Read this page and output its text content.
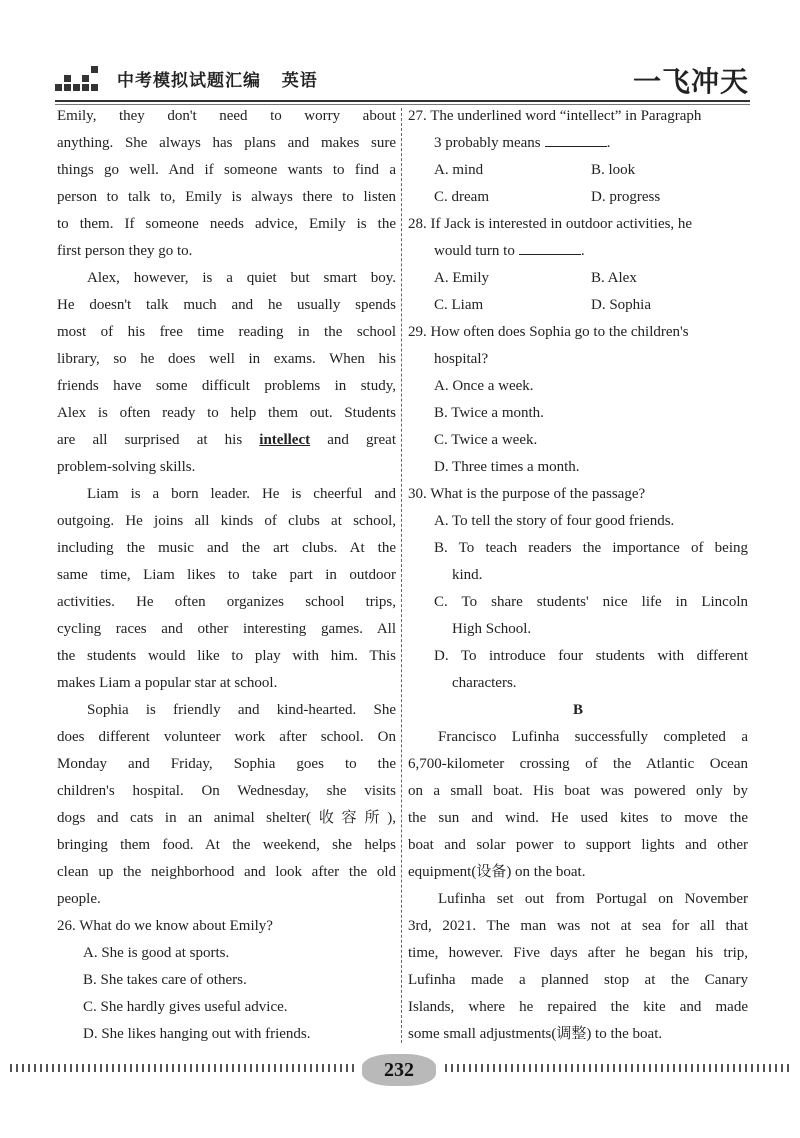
中考模拟试题汇编   英语	一飞冲天

Emily, they don't need to worry about

anything. She always has plans and makes sure

things go well. And if someone wants to find a

person to talk to, Emily is always there to listen

to them. If someone needs advice, Emily is the

first person they go to.

Alex, however, is a quiet but smart boy.

He doesn't talk much and he usually spends

most of his free time reading in the school

library, so he does well in exams. When his

friends have some difficult problems in study,

Alex is often ready to help them out. Students

are all surprised at his intellect and great

problem-solving skills.

Liam is a born leader. He is cheerful and

outgoing. He joins all kinds of clubs at school,

including the music and the art clubs. At the

same time, Liam likes to take part in outdoor

activities. He often organizes school trips,

cycling races and other interesting games. All

the students would like to play with him. This

makes Liam a popular star at school.

Sophia is friendly and kind-hearted. She

does different volunteer work after school. On

Monday and Friday, Sophia goes to the

children's hospital. On Wednesday, she visits

dogs and cats in an animal shelter(收容所),

bringing them food. At the weekend, she helps

clean up the neighborhood and look after the old

people.

26. What do we know about Emily?

A. She is good at sports.

B. She takes care of others.

C. She hardly gives useful advice.

D. She likes hanging out with friends.

27. The underlined word “intellect” in Paragraph

3 probably means	.

A. mind	B. look
C. dream	D. progress

28. If Jack is interested in outdoor activities, he

would turn to	.

A. Emily	B. Alex
C. Liam	D. Sophia

29. How often does Sophia go to the children's

hospital?

A. Once a week.

B. Twice a month.

C. Twice a week.

D. Three times a month.

30. What is the purpose of the passage?

A. To tell the story of four good friends.

B. To teach readers the importance of being

kind.

C. To share students' nice life in Lincoln

High School.

D. To introduce four students with different

characters.

B

Francisco Lufinha successfully completed a

6,700-kilometer crossing of the Atlantic Ocean

on a small boat. His boat was powered only by

the sun and wind. He used kites to move the

boat and solar power to support lights and other

equipment(设备) on the boat.

Lufinha set out from Portugal on November

3rd, 2021. The man was not at sea for all that

time, however. Five days after he began his trip,

Lufinha made a planned stop at the Canary

Islands, where he repaired the kite and made

some small adjustments(调整) to the boat.

232
